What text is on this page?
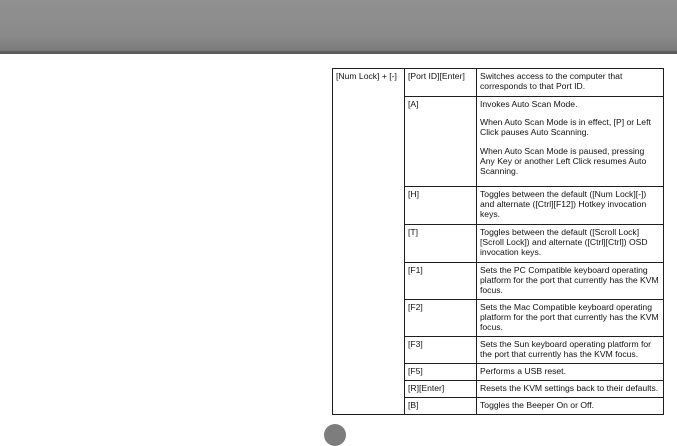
[Num Lock] + [-]	[Port ID][Enter]	Switches access to the computer that corresponds to that Port ID.

	[A]	Invokes Auto Scan Mode.

When Auto Scan Mode is in effect, [P] or Left Click pauses Auto Scanning.

When Auto Scan Mode is paused, pressing Any Key or another Left Click resumes Auto Scanning.

	[H]	Toggles between the default ([Num Lock][-]) and alternate ([Ctrl][F12]) Hotkey invocation keys.

	[T]	Toggles between the default ([Scroll Lock][Scroll Lock]) and alternate ([Ctrl][Ctrl]) OSD invocation keys.

	[F1]	Sets the PC Compatible keyboard operating platform for the port that currently has the KVM focus.

	[F2]	Sets the Mac Compatible keyboard operating platform for the port that currently has the KVM focus.

	[F3]	Sets the Sun keyboard operating platform for the port that currently has the KVM focus.

	[F5]	Performs a USB reset.

	[R][Enter]	Resets the KVM settings back to their defaults.

	[B]	Toggles the Beeper On or Off.
